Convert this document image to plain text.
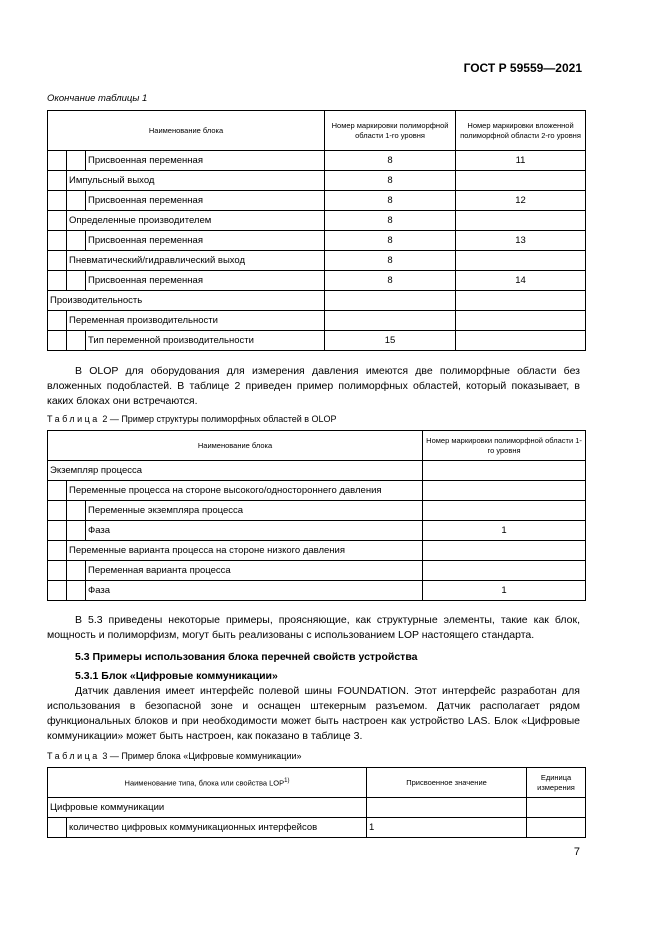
ГОСТ Р 59559—2021
Окончание таблицы 1
Наименование блока			Номер маркировки полиморфной области 1-го уровня	Номер маркировки вложенной полиморфной области 2-го уровня
		Присвоенная переменная	8	11
	Импульсный выход		8	
		Присвоенная переменная	8	12
	Определенные производителем		8	
		Присвоенная переменная	8	13
	Пневматический/гидравлический выход		8	
		Присвоенная переменная	8	14
Производительность				
	Переменная производительности			
		Тип переменной производительности	15	
В OLOP для оборудования для измерения давления имеются две полиморфные области без вложенных подобластей. В таблице 2 приведен пример полиморфных областей, который показывает, в каких блоках они встречаются.
Таблица 2 — Пример структуры полиморфных областей в OLOP
Наименование блока			Номер маркировки полиморфной области 1-го уровня
Экземпляр процесса			
	Переменные процесса на стороне высокого/одностороннего давления		
		Переменные экземпляра процесса	
		Фаза	1
	Переменные варианта процесса на стороне низкого давления		
		Переменная варианта процесса	
		Фаза	1
В 5.3 приведены некоторые примеры, проясняющие, как структурные элементы, такие как блок, мощность и полиморфизм, могут быть реализованы с использованием LOP настоящего стандарта.
5.3 Примеры использования блока перечней свойств устройства
5.3.1 Блок «Цифровые коммуникации»
Датчик давления имеет интерфейс полевой шины FOUNDATION. Этот интерфейс разработан для использования в безопасной зоне и оснащен штекерным разъемом. Датчик располагает рядом функциональных блоков и при необходимости может быть настроен как устройство LAS. Блок «Цифровые коммуникации» может быть настроен, как показано в таблице 3.
Таблица 3 — Пример блока «Цифровые коммуникации»
Наименование типа, блока или свойства LOP$^{1)}$		Присвоенное значение	Единица измерения
Цифровые коммуникации			
	количество цифровых коммуникационных интерфейсов	1	
7
